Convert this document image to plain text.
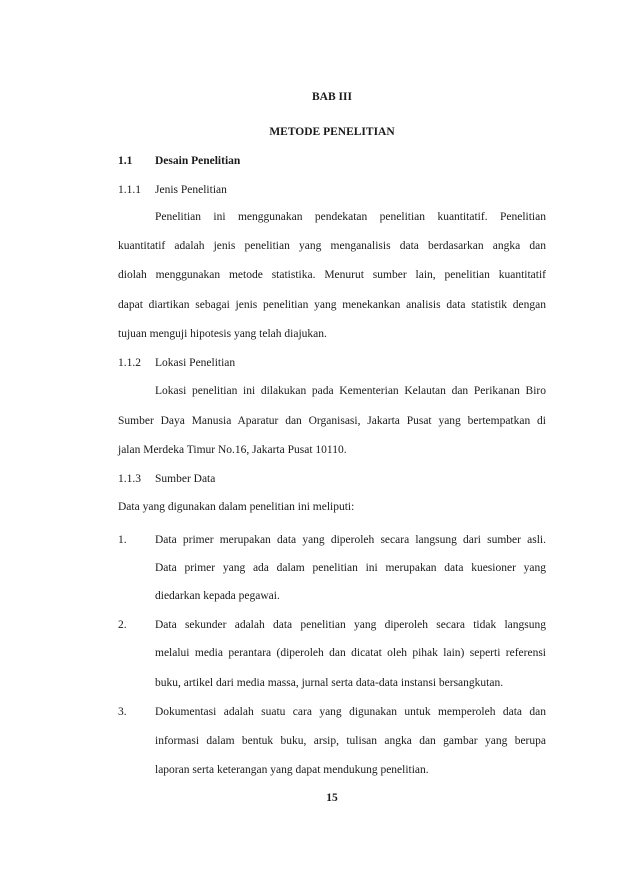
BAB III
METODE PENELITIAN
1.1 Desain Penelitian
1.1.1 Jenis Penelitian
Penelitian ini menggunakan pendekatan penelitian kuantitatif. Penelitian
kuantitatif adalah jenis penelitian yang menganalisis data berdasarkan angka dan
diolah menggunakan metode statistika. Menurut sumber lain, penelitian kuantitatif
dapat diartikan sebagai jenis penelitian yang menekankan analisis data statistik dengan
tujuan menguji hipotesis yang telah diajukan.
1.1.2 Lokasi Penelitian
Lokasi penelitian ini dilakukan pada Kementerian Kelautan dan Perikanan Biro
Sumber Daya Manusia Aparatur dan Organisasi, Jakarta Pusat yang bertempatkan di
jalan Merdeka Timur No.16, Jakarta Pusat 10110.
1.1.3 Sumber Data
Data yang digunakan dalam penelitian ini meliputi:
1. Data primer merupakan data yang diperoleh secara langsung dari sumber asli.
Data primer yang ada dalam penelitian ini merupakan data kuesioner yang
diedarkan kepada pegawai.
2. Data sekunder adalah data penelitian yang diperoleh secara tidak langsung
melalui media perantara (diperoleh dan dicatat oleh pihak lain) seperti referensi
buku, artikel dari media massa, jurnal serta data-data instansi bersangkutan.
3. Dokumentasi adalah suatu cara yang digunakan untuk memperoleh data dan
informasi dalam bentuk buku, arsip, tulisan angka dan gambar yang berupa
laporan serta keterangan yang dapat mendukung penelitian.
15
